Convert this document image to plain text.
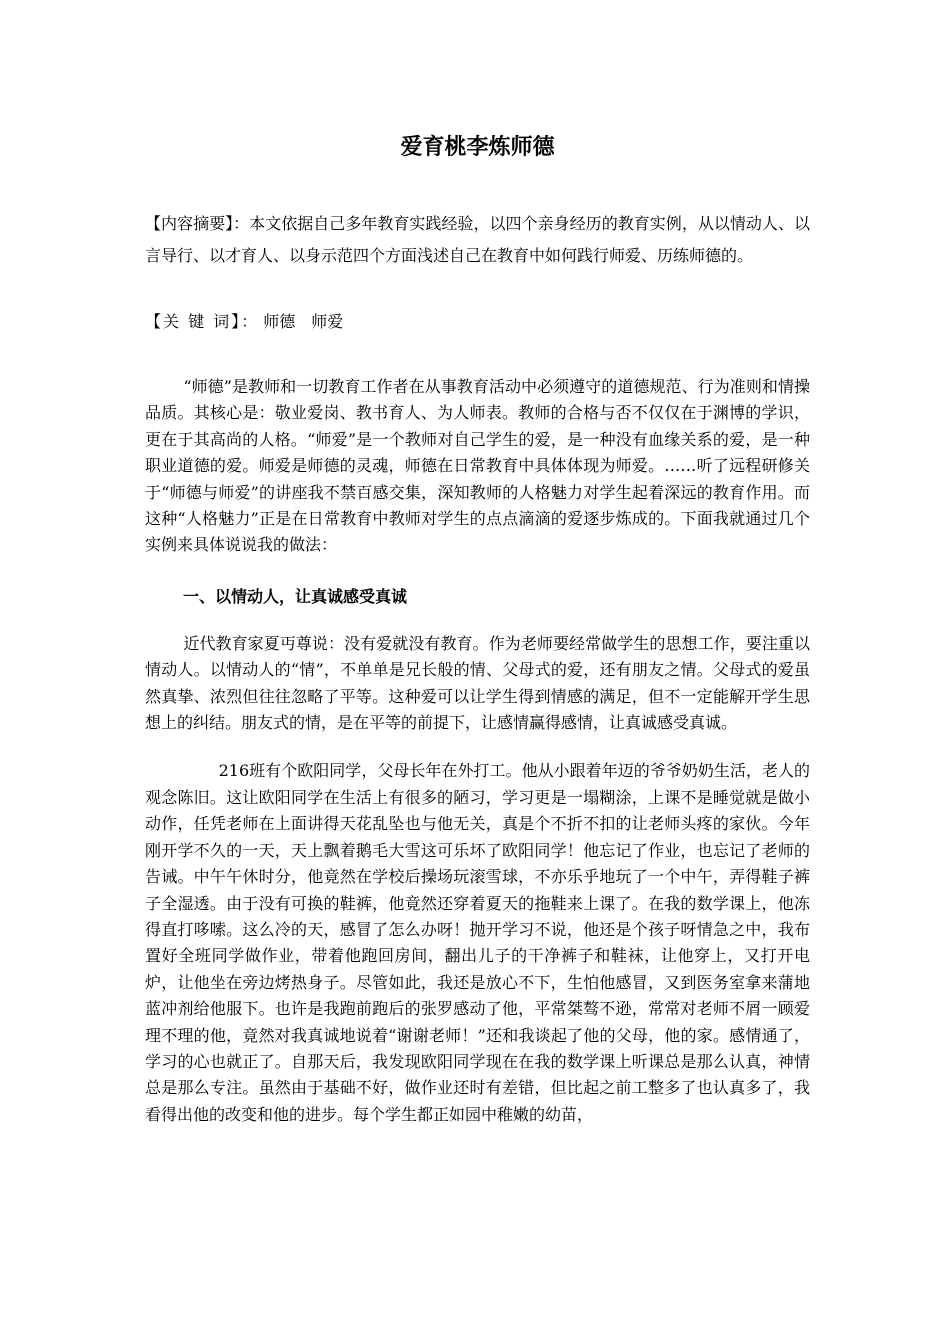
爱育桃李炼师德

【内容摘要】：本文依据自己多年教育实践经验，以四个亲身经历的教育实例，从以情动人、以言导行、以才育人、以身示范四个方面浅述自己在教育中如何践行师爱、历练师德的。

【关 键 词】： 师德 师爱

“师德”是教师和一切教育工作者在从事教育活动中必须遵守的道德规范、行为准则和情操品质。其核心是：敬业爱岗、教书育人、为人师表。教师的合格与否不仅仅在于渊博的学识，更在于其高尚的人格。“师爱”是一个教师对自己学生的爱，是一种没有血缘关系的爱，是一种职业道德的爱。师爱是师德的灵魂，师德在日常教育中具体体现为师爱。……听了远程研修关于“师德与师爱”的讲座我不禁百感交集，深知教师的人格魅力对学生起着深远的教育作用。而这种“人格魅力”正是在日常教育中教师对学生的点点滴滴的爱逐步炼成的。下面我就通过几个实例来具体说说我的做法：

一、以情动人，让真诚感受真诚

近代教育家夏丏尊说：没有爱就没有教育。作为老师要经常做学生的思想工作，要注重以情动人。以情动人的“情”，不单单是兄长般的情、父母式的爱，还有朋友之情。父母式的爱虽然真挚、浓烈但往往忽略了平等。这种爱可以让学生得到情感的满足，但不一定能解开学生思想上的纠结。朋友式的情，是在平等的前提下，让感情赢得感情，让真诚感受真诚。

216班有个欧阳同学，父母长年在外打工。他从小跟着年迈的爷爷奶奶生活，老人的观念陈旧。这让欧阳同学在生活上有很多的陋习，学习更是一塌糊涂，上课不是睡觉就是做小动作，任凭老师在上面讲得天花乱坠也与他无关，真是个不折不扣的让老师头疼的家伙。今年刚开学不久的一天，天上飘着鹅毛大雪这可乐坏了欧阳同学！他忘记了作业，也忘记了老师的告诫。中午午休时分，他竟然在学校后操场玩滚雪球，不亦乐乎地玩了一个中午，弄得鞋子裤子全湿透。由于没有可换的鞋裤，他竟然还穿着夏天的拖鞋来上课了。在我的数学课上，他冻得直打哆嗦。这么冷的天，感冒了怎么办呀！抛开学习不说，他还是个孩子呀情急之中，我布置好全班同学做作业，带着他跑回房间，翻出儿子的干净裤子和鞋袜，让他穿上，又打开电炉，让他坐在旁边烤热身子。尽管如此，我还是放心不下，生怕他感冒，又到医务室拿来蒲地蓝冲剂给他服下。也许是我跑前跑后的张罗感动了他，平常桀骜不逊，常常对老师不屑一顾爱理不理的他，竟然对我真诚地说着“谢谢老师！”还和我谈起了他的父母，他的家。感情通了，学习的心也就正了。自那天后，我发现欧阳同学现在在我的数学课上听课总是那么认真，神情总是那么专注。虽然由于基础不好，做作业还时有差错，但比起之前工整多了也认真多了，我看得出他的改变和他的进步。每个学生都正如园中稚嫩的幼苗，
